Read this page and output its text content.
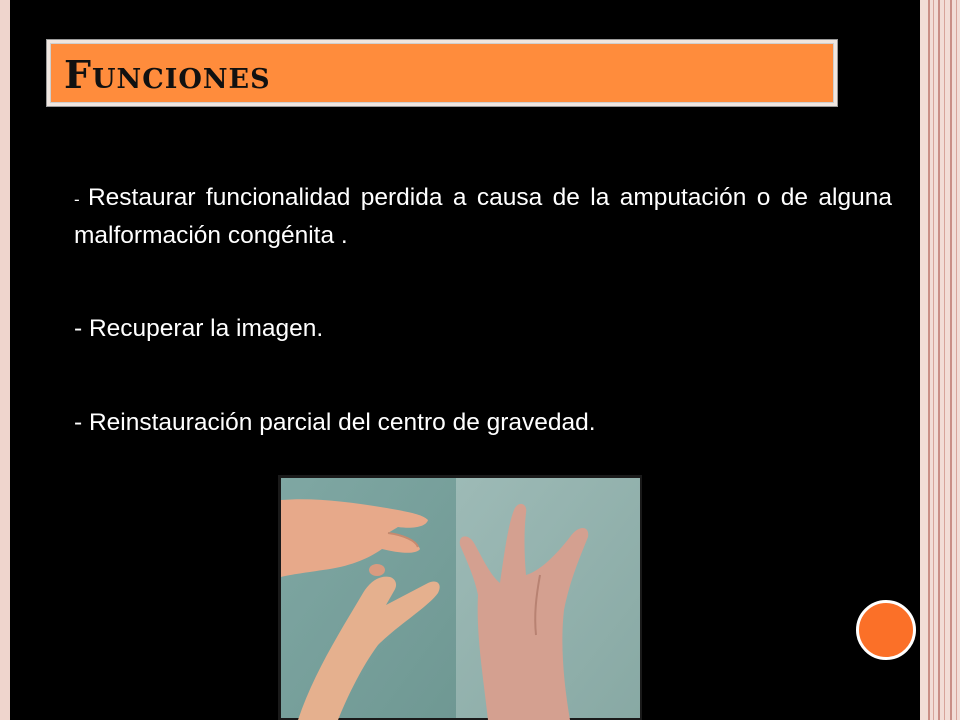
Funciones
- Restaurar funcionalidad perdida a causa de la amputación o de alguna malformación congénita .
- Recuperar la imagen.
- Reinstauración parcial del centro de gravedad.
